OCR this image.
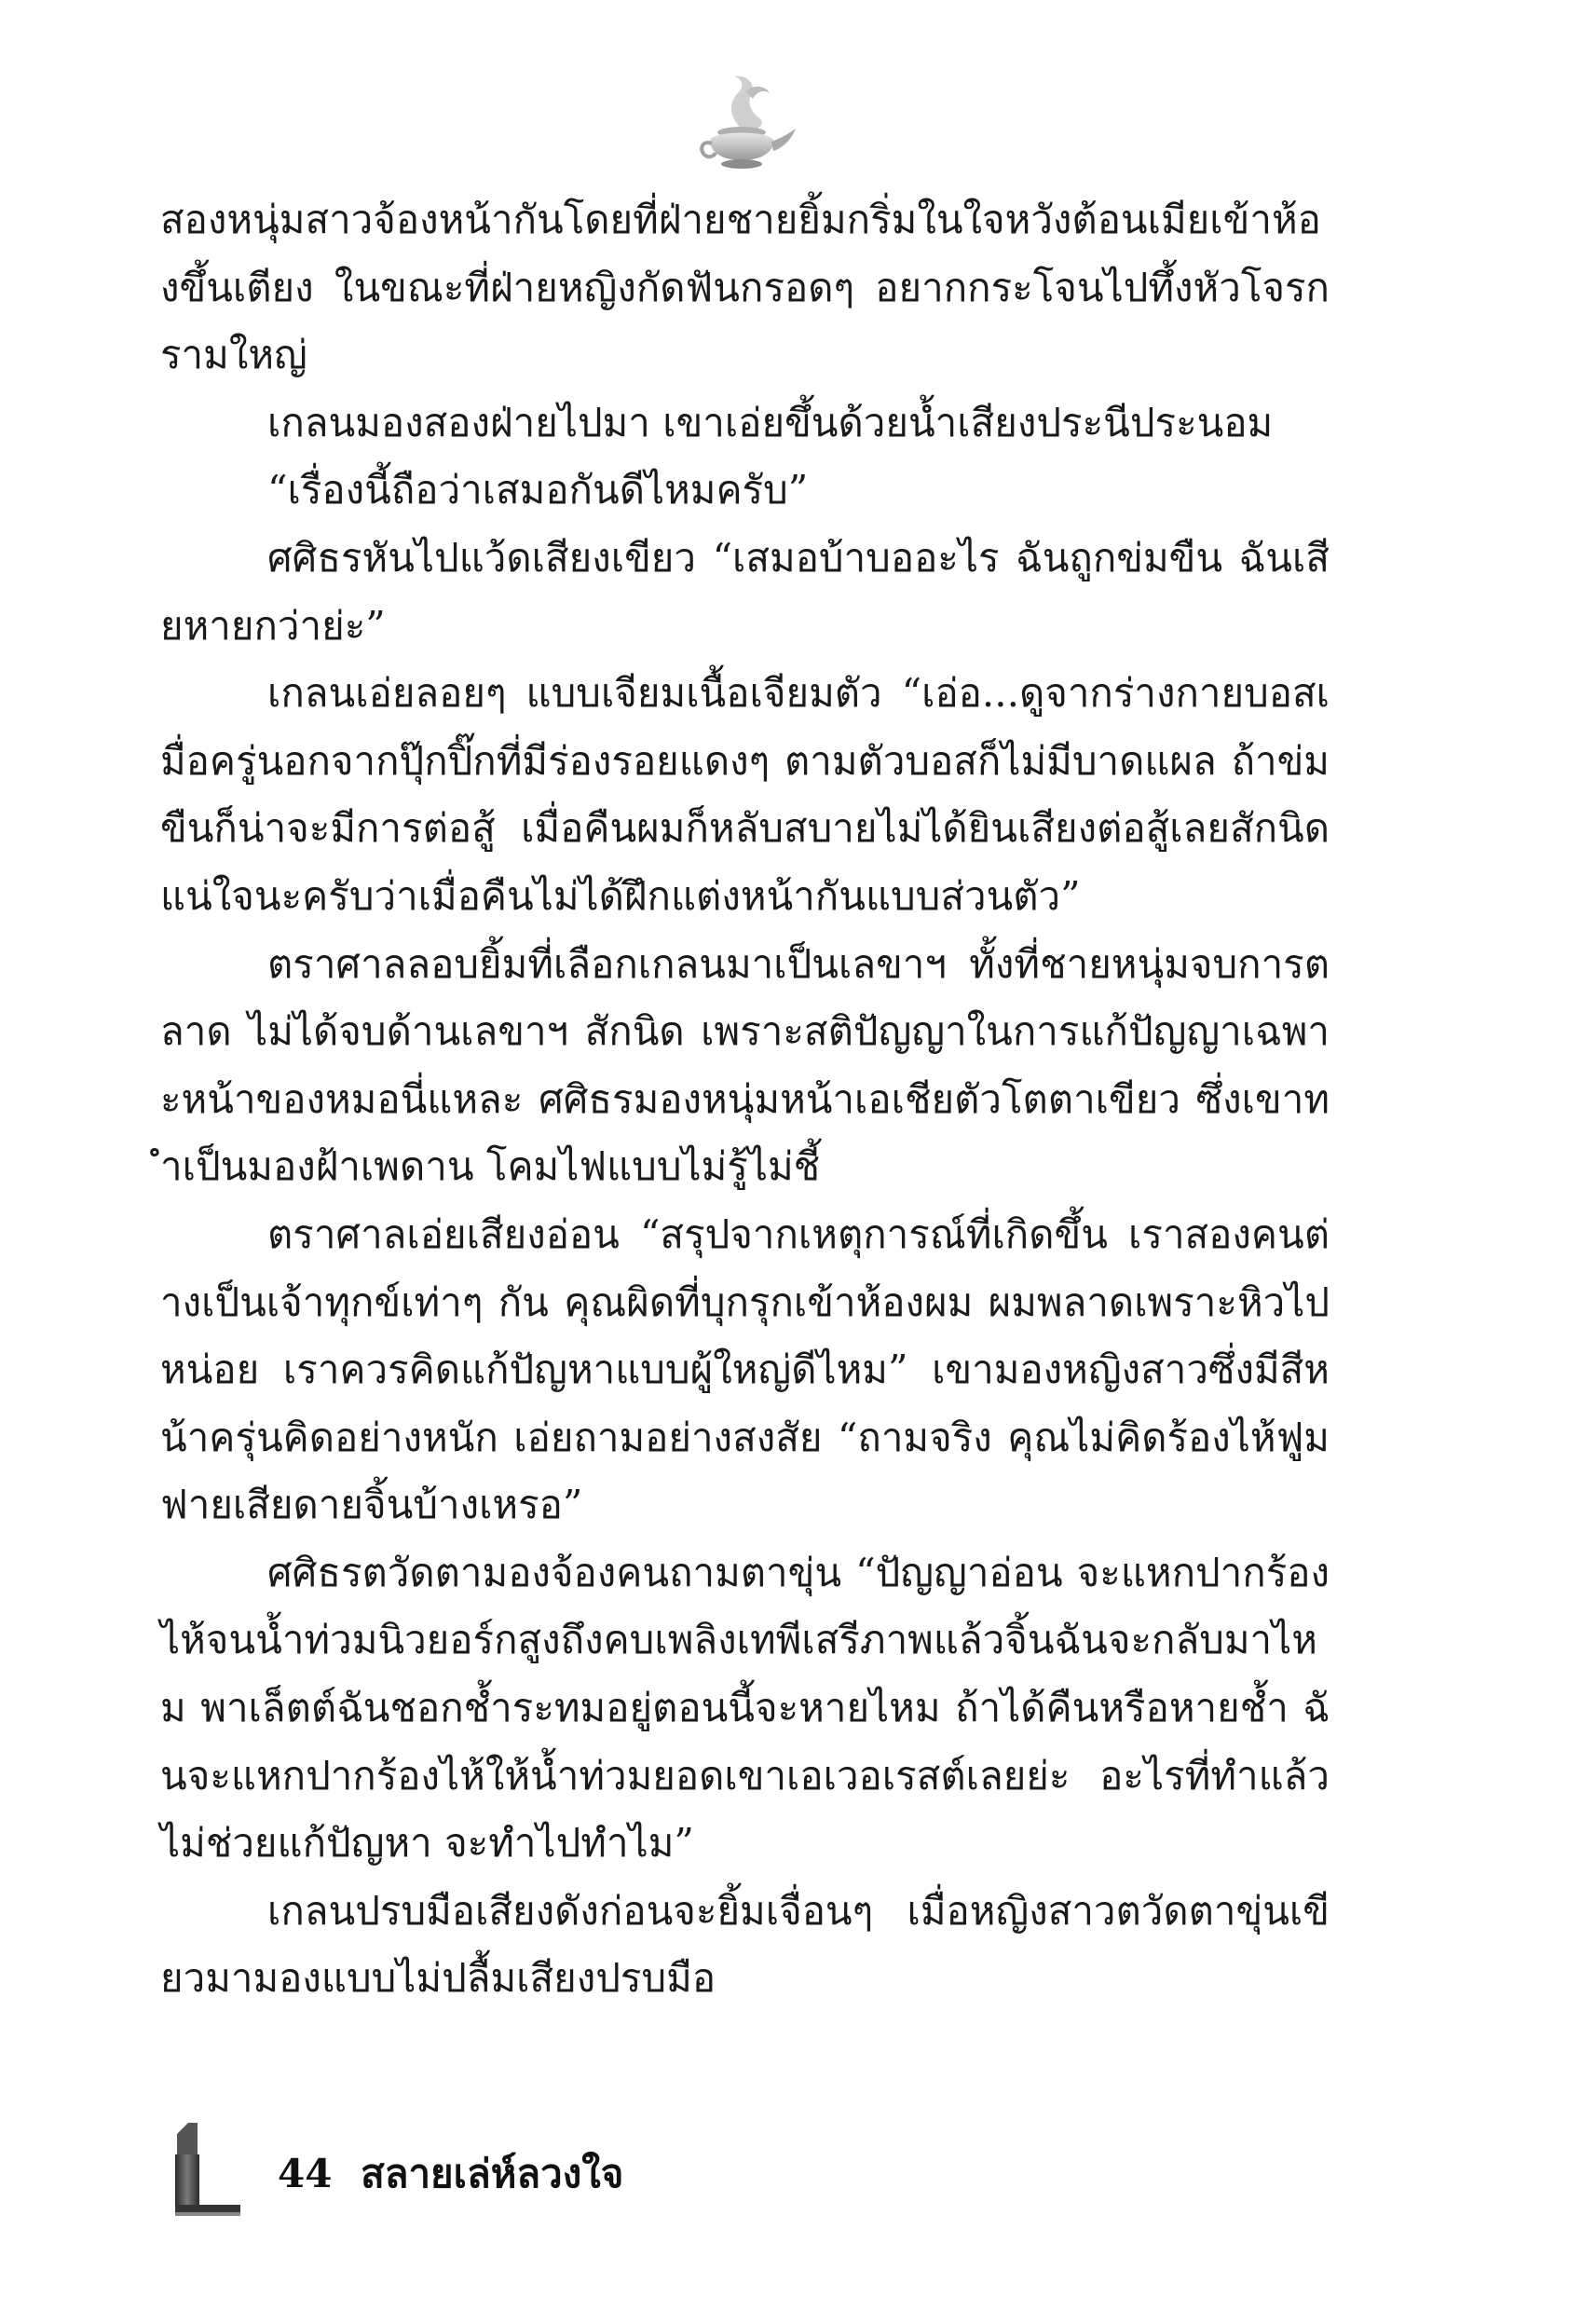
สองหนุ่มสาวจ้องหน้ากันโดยที่ฝ่ายชายยิ้มกริ่มในใจหวังต้อนเมียเข้าห้องขึ้นเตียง ในขณะที่ฝ่ายหญิงกัดฟันกรอดๆ อยากกระโจนไปทึ้งหัวโจรกรามใหญ่

เกลนมองสองฝ่ายไปมา เขาเอ่ยขึ้นด้วยน้ำเสียงประนีประนอม

“เรื่องนี้ถือว่าเสมอกันดีไหมครับ”

ศศิธรหันไปแว้ดเสียงเขียว “เสมอบ้าบออะไร ฉันถูกข่มขืน ฉันเสียหายกว่าย่ะ”

เกลนเอ่ยลอยๆ แบบเจียมเนื้อเจียมตัว “เอ่อ...ดูจากร่างกายบอสเมื่อครู่นอกจากปุ๊กปิ๊กที่มีร่องรอยแดงๆ ตามตัวบอสก็ไม่มีบาดแผล ถ้าข่มขืนก็น่าจะมีการต่อสู้ เมื่อคืนผมก็หลับสบายไม่ได้ยินเสียงต่อสู้เลยสักนิด แน่ใจนะครับว่าเมื่อคืนไม่ได้ฝึกแต่งหน้ากันแบบส่วนตัว”

ตราศาลลอบยิ้มที่เลือกเกลนมาเป็นเลขาฯ ทั้งที่ชายหนุ่มจบการตลาด ไม่ได้จบด้านเลขาฯ สักนิด เพราะสติปัญญาในการแก้ปัญญาเฉพาะหน้าของหมอนี่แหละ ศศิธรมองหนุ่มหน้าเอเชียตัวโตตาเขียว ซึ่งเขาทำเป็นมองฝ้าเพดาน โคมไฟแบบไม่รู้ไม่ชี้

ตราศาลเอ่ยเสียงอ่อน “สรุปจากเหตุการณ์ที่เกิดขึ้น เราสองคนต่างเป็นเจ้าทุกข์เท่าๆ กัน คุณผิดที่บุกรุกเข้าห้องผม ผมพลาดเพราะหิวไปหน่อย เราควรคิดแก้ปัญหาแบบผู้ใหญ่ดีไหม” เขามองหญิงสาวซึ่งมีสีหน้าครุ่นคิดอย่างหนัก เอ่ยถามอย่างสงสัย “ถามจริง คุณไม่คิดร้องไห้ฟูมฟายเสียดายจิ้นบ้างเหรอ”

ศศิธรตวัดตามองจ้องคนถามตาขุ่น “ปัญญาอ่อน จะแหกปากร้องไห้จนน้ำท่วมนิวยอร์กสูงถึงคบเพลิงเทพีเสรีภาพแล้วจิ้นฉันจะกลับมาไหม พาเล็ตต์ฉันชอกช้ำระทมอยู่ตอนนี้จะหายไหม ถ้าได้คืนหรือหายช้ำ ฉันจะแหกปากร้องไห้ให้น้ำท่วมยอดเขาเอเวอเรสต์เลยย่ะ อะไรที่ทำแล้วไม่ช่วยแก้ปัญหา จะทำไปทำไม”

เกลนปรบมือเสียงดังก่อนจะยิ้มเจื่อนๆ เมื่อหญิงสาวตวัดตาขุ่นเขียวมามองแบบไม่ปลื้มเสียงปรบมือ

44 สลายเล่ห์ลวงใจ
